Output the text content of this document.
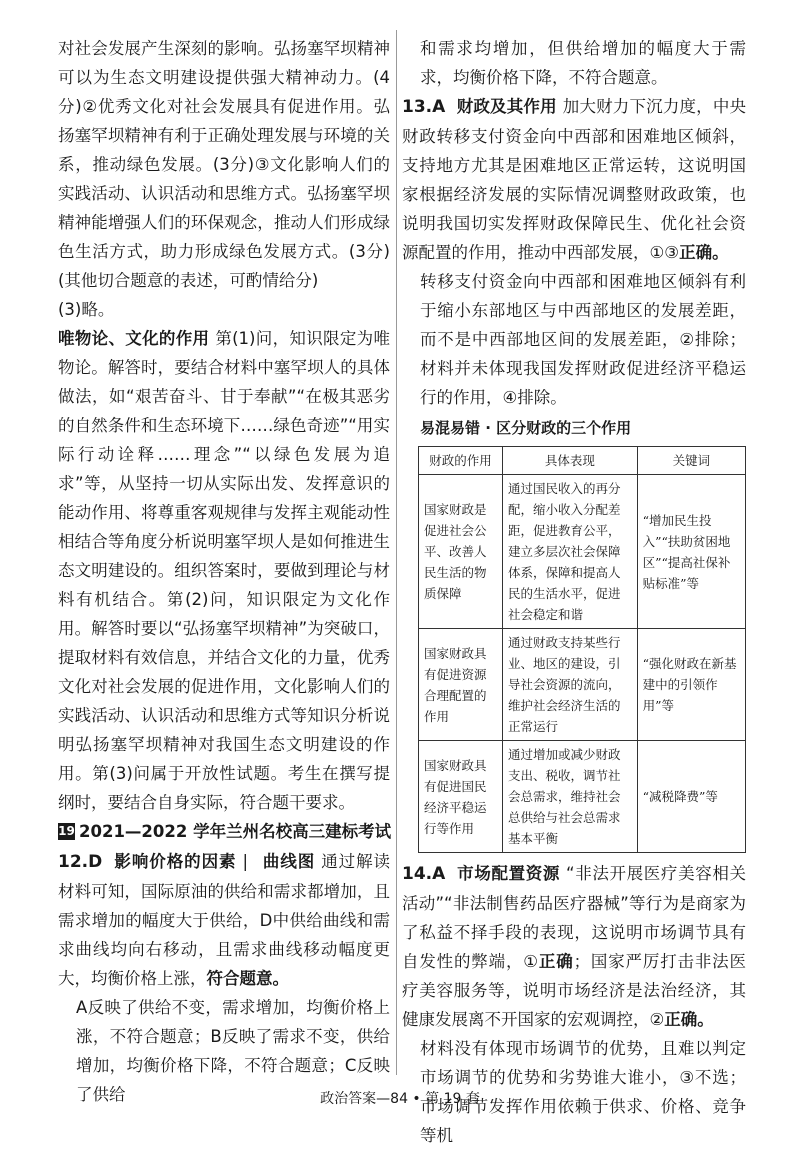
对社会发展产生深刻的影响。弘扬塞罕坝精神可以为生态文明建设提供强大精神动力。(4分)②优秀文化对社会发展具有促进作用。弘扬塞罕坝精神有利于正确处理发展与环境的关系，推动绿色发展。(3分)③文化影响人们的实践活动、认识活动和思维方式。弘扬塞罕坝精神能增强人们的环保观念，推动人们形成绿色生活方式，助力形成绿色发展方式。(3分)(其他切合题意的表述，可酌情给分)

(3)略。

唯物论、文化的作用 第(1)问，知识限定为唯物论。解答时，要结合材料中塞罕坝人的具体做法，如“艰苦奋斗、甘于奉献”“在极其恶劣的自然条件和生态环境下……绿色奇迹”“用实际行动诠释……理念”“以绿色发展为追求”等，从坚持一切从实际出发、发挥意识的能动作用、将尊重客观规律与发挥主观能动性相结合等角度分析说明塞罕坝人是如何推进生态文明建设的。组织答案时，要做到理论与材料有机结合。第(2)问，知识限定为文化作用。解答时要以“弘扬塞罕坝精神”为突破口，提取材料有效信息，并结合文化的力量，优秀文化对社会发展的促进作用，文化影响人们的实践活动、认识活动和思维方式等知识分析说明弘扬塞罕坝精神对我国生态文明建设的作用。第(3)问属于开放性试题。考生在撰写提纲时，要结合自身实际，符合题干要求。

19 2021—2022 学年兰州名校高三建标考试

12.D 影响价格的因素 | 曲线图 通过解读材料可知，国际原油的供给和需求都增加，且需求增加的幅度大于供给，D中供给曲线和需求曲线均向右移动，且需求曲线移动幅度更大，均衡价格上涨，符合题意。

A反映了供给不变，需求增加，均衡价格上涨，不符合题意；B反映了需求不变，供给增加，均衡价格下降，不符合题意；C反映了供给

和需求均增加，但供给增加的幅度大于需求，均衡价格下降，不符合题意。

13.A 财政及其作用 加大财力下沉力度，中央财政转移支付资金向中西部和困难地区倾斜，支持地方尤其是困难地区正常运转，这说明国家根据经济发展的实际情况调整财政政策，也说明我国切实发挥财政保障民生、优化社会资源配置的作用，推动中西部发展，①③正确。

转移支付资金向中西部和困难地区倾斜有利于缩小东部地区与中西部地区的发展差距，而不是中西部地区间的发展差距，②排除；材料并未体现我国发挥财政促进经济平稳运行的作用，④排除。

易混易错 · 区分财政的三个作用
财政的作用	具体表现	关键词
国家财政是促进社会公平、改善人民生活的物质保障	通过国民收入的再分配，缩小收入分配差距，促进教育公平，建立多层次社会保障体系，保障和提高人民的生活水平，促进社会稳定和谐	“增加民生投入”“扶助贫困地区”“提高社保补贴标准”等
国家财政具有促进资源合理配置的作用	通过财政支持某些行业、地区的建设，引导社会资源的流向，维护社会经济生活的正常运行	“强化财政在新基建中的引领作用”等
国家财政具有促进国民经济平稳运行等作用	通过增加或减少财政支出、税收，调节社会总需求，维持社会总供给与社会总需求基本平衡	“减税降费”等

14.A 市场配置资源 “非法开展医疗美容相关活动”“非法制售药品医疗器械”等行为是商家为了私益不择手段的表现，这说明市场调节具有自发性的弊端，①正确；国家严厉打击非法医疗美容服务等，说明市场经济是法治经济，其健康发展离不开国家的宏观调控，②正确。

材料没有体现市场调节的优势，且难以判定市场调节的优势和劣势谁大谁小，③不选；市场调节发挥作用依赖于供求、价格、竞争等机

政治答案—84 • 第 19 套
